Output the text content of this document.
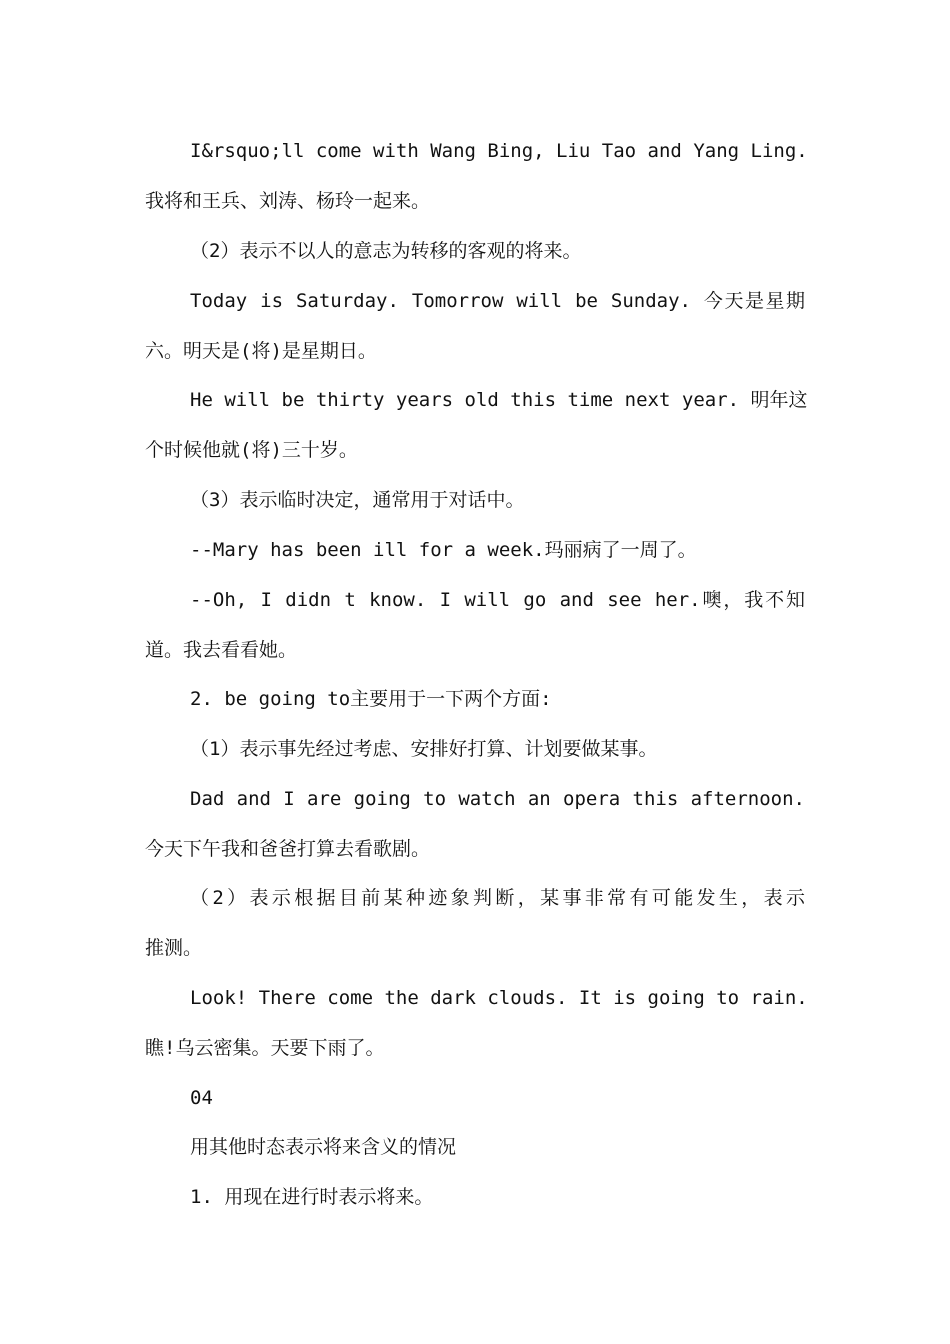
I&rsquo;ll come with Wang Bing, Liu Tao and Yang Ling.
我将和王兵、刘涛、杨玲一起来。
（2）表示不以人的意志为转移的客观的将来。
Today is Saturday. Tomorrow will be Sunday. 今天是星期
六。明天是(将)是星期日。
He will be thirty years old this time next year. 明年这
个时候他就(将)三十岁。
（3）表示临时决定，通常用于对话中。
--Mary has been ill for a week.玛丽病了一周了。
--Oh, I didn t know. I will go and see her.噢，我不知
道。我去看看她。
2. be going to主要用于一下两个方面:
（1）表示事先经过考虑、安排好打算、计划要做某事。
Dad and I are going to watch an opera this afternoon.
今天下午我和爸爸打算去看歌剧。
（2）表示根据目前某种迹象判断，某事非常有可能发生，表示
推测。
Look! There come the dark clouds. It is going to rain.
瞧!乌云密集。天要下雨了。
04
用其他时态表示将来含义的情况
1. 用现在进行时表示将来。
